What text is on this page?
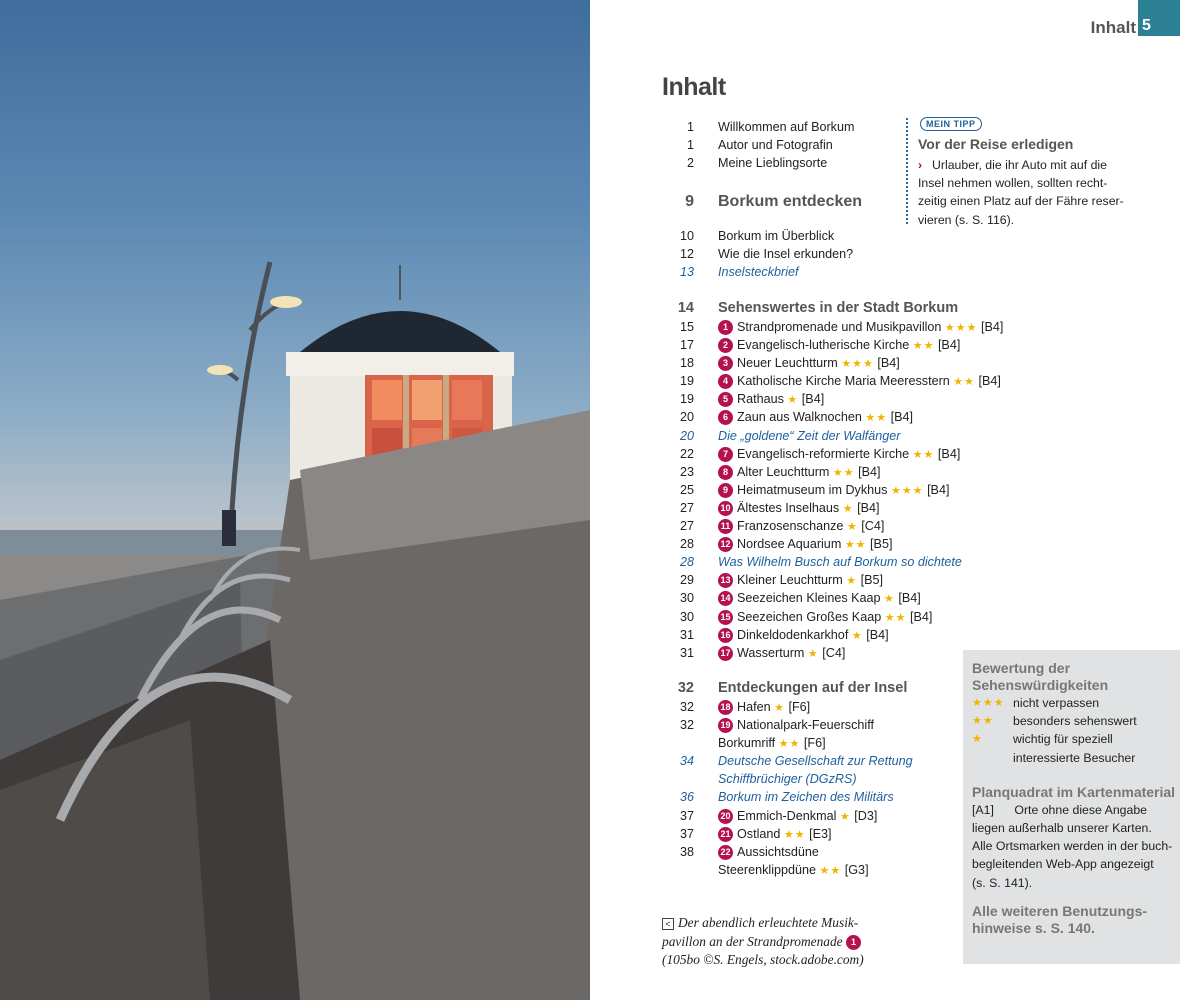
Inhalt 5
Inhalt
1 Willkommen auf Borkum
1 Autor und Fotografin
2 Meine Lieblingsorte
9 Borkum entdecken
10 Borkum im Überblick
12 Wie die Insel erkunden?
13 Inselsteckbrief
14 Sehenswertes in der Stadt Borkum
15	1 Strandpromenade und Musikpavillon ★★★ [B4]
17	2 Evangelisch-lutherische Kirche ★★ [B4]
18	3 Neuer Leuchtturm ★★★ [B4]
19	4 Katholische Kirche Maria Meeresstern ★★ [B4]
19	5 Rathaus ★ [B4]
20	6 Zaun aus Walknochen ★★ [B4]
20 Die „goldene“ Zeit der Walfänger
22	7 Evangelisch-reformierte Kirche ★★ [B4]
23	8 Alter Leuchtturm ★★ [B4]
25	9 Heimatmuseum im Dykhus ★★★ [B4]
27	10 Ältestes Inselhaus ★ [B4]
27	11 Franzosenschanze ★ [C4]
28	12 Nordsee Aquarium ★★ [B5]
28 Was Wilhelm Busch auf Borkum so dichtete
29	13 Kleiner Leuchtturm ★ [B5]
30	14 Seezeichen Kleines Kaap ★ [B4]
30	15 Seezeichen Großes Kaap ★★ [B4]
31	16 Dinkeldodenkarkhof ★ [B4]
31	17 Wasserturm ★ [C4]
32 Entdeckungen auf der Insel
32	18 Hafen ★ [F6]
32	19 Nationalpark-Feuerschiff
Borkumriff ★★ [F6]
34 Deutsche Gesellschaft zur Rettung
Schiffbrüchiger (DGzRS)
36 Borkum im Zeichen des Militärs
37	20 Emmich-Denkmal ★ [D3]
37	21 Ostland ★★ [E3]
38	22 Aussichtsdüne
Steerenklippdüne ★★ [G3]
MEIN TIPP
Vor der Reise erledigen
› Urlauber, die ihr Auto mit auf die
Insel nehmen wollen, sollten recht-
zeitig einen Platz auf der Fähre reser-
vieren (s. S. 116).
Bewertung der
Sehenswürdigkeiten
★★★ nicht verpassen
★★	besonders sehenswert
★	wichtig für speziell
interessierte Besucher
Planquadrat im Kartenmaterial
[A1]      Orte ohne diese Angabe
liegen außerhalb unserer Karten.
Alle Ortsmarken werden in der buch-
begleitenden Web-App angezeigt
(s. S. 141).
Alle weiteren Benutzungs-
hinweise s. S. 140.
< Der abendlich erleuchtete Musik-
pavillon an der Strandpromenade 1
(105bo ©S. Engels, stock.adobe.com)
